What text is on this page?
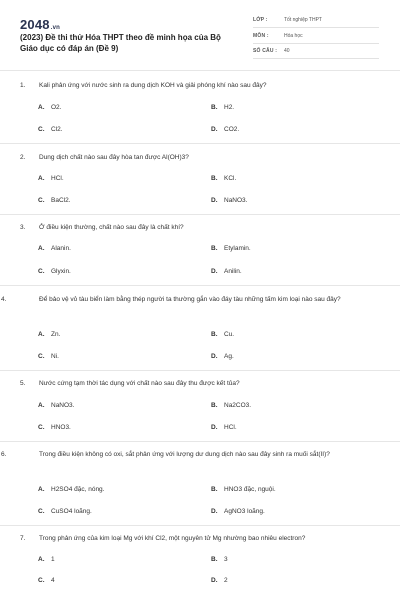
2048.vn
(2023) Đề thi thử Hóa THPT theo đề minh họa của Bộ Giáo dục có đáp án (Đề 9)
LỚP :	Tốt nghiệp THPT
MÔN :	Hóa học
SỐ CÂU : 40
1. Kali phản ứng với nước sinh ra dung dịch KOH và giải phóng khí nào sau đây?
A. O2.	B. H2.
C. Cl2.	D. CO2.
2. Dung dịch chất nào sau đây hòa tan được Al(OH)3?
A. HCl.	B. KCl.
C. BaCl2.	D. NaNO3.
3. Ở điều kiện thường, chất nào sau đây là chất khí?
A. Alanin.	B. Etylamin.
C. Glyxin.	D. Anilin.
4.	Để bảo vệ vỏ tàu biển làm bằng thép người ta thường gắn vào đáy tàu những tấm kim loại nào sau đây?
A. Zn.	B. Cu.
C. Ni.	D. Ag.
5. Nước cứng tạm thời tác dụng với chất nào sau đây thu được kết tủa?
A. NaNO3.	B. Na2CO3.
C. HNO3.	D. HCl.
6.	Trong điều kiện không có oxi, sắt phản ứng với lượng dư dung dịch nào sau đây sinh ra muối sắt(II)?
A. H2SO4 đặc, nóng.	B. HNO3 đặc, nguội.
C. CuSO4 loãng.	D. AgNO3 loãng.
7. Trong phản ứng của kim loại Mg với khí Cl2, một nguyên tử Mg nhường bao nhiêu electron?
A. 1	B. 3
C. 4	D. 2
